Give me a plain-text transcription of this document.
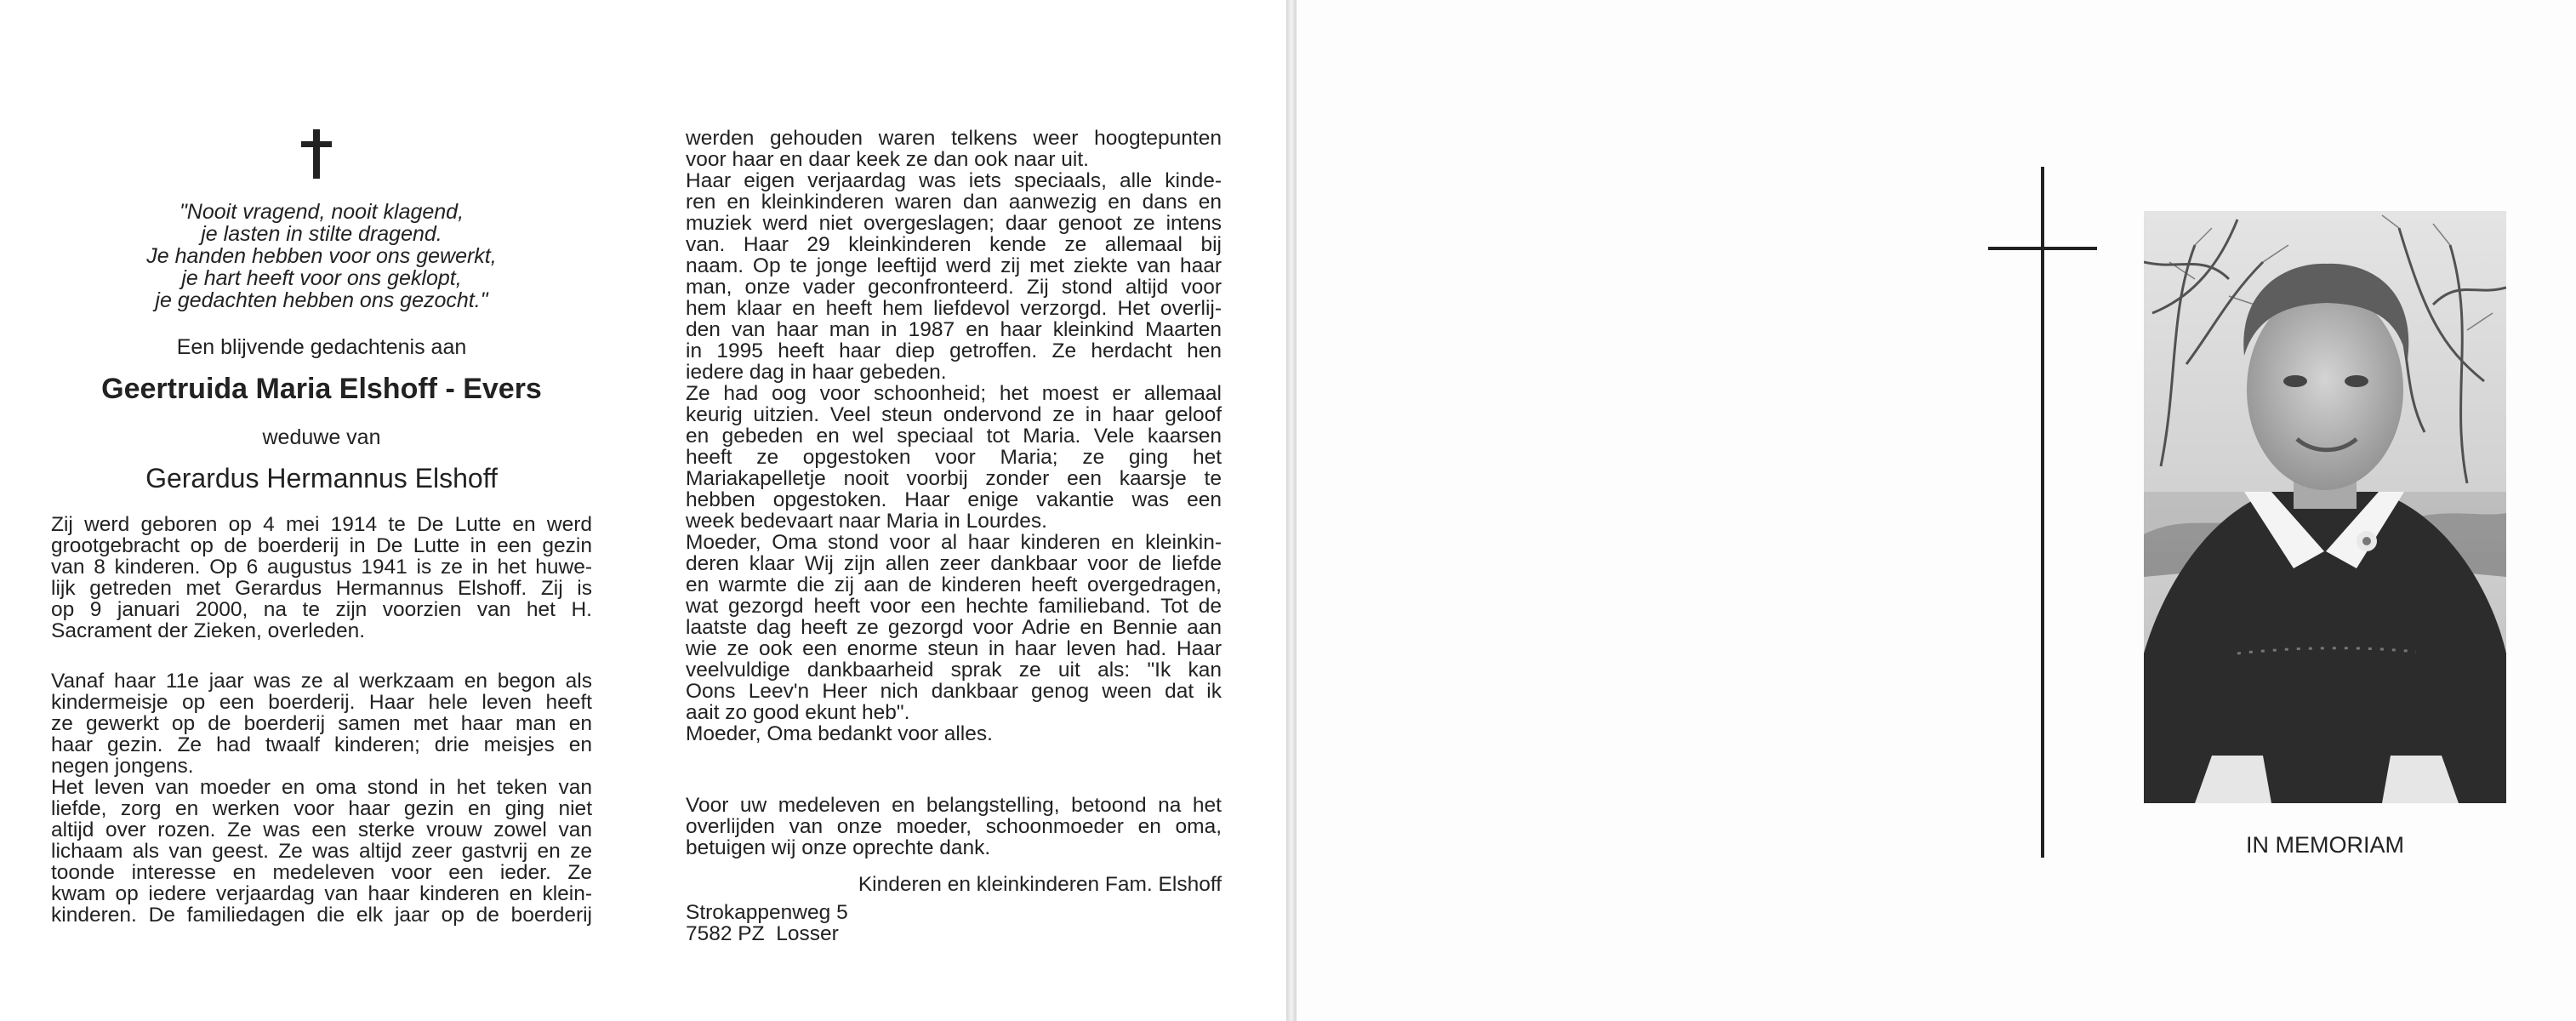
"Nooit vragend, nooit klagend,
je lasten in stilte dragend.
Je handen hebben voor ons gewerkt,
je hart heeft voor ons geklopt,
je gedachten hebben ons gezocht."
Een blijvende gedachtenis aan
Geertruida Maria Elshoff - Evers
weduwe van
Gerardus Hermannus Elshoff
Zij werd geboren op 4 mei 1914 te De Lutte en werd
grootgebracht op de boerderij in De Lutte in een gezin
van 8 kinderen. Op 6 augustus 1941 is ze in het huwe-
lijk getreden met Gerardus Hermannus Elshoff. Zij is
op 9 januari 2000, na te zijn voorzien van het H.
Sacrament der Zieken, overleden.
Vanaf haar 11e jaar was ze al werkzaam en begon als
kindermeisje op een boerderij. Haar hele leven heeft
ze gewerkt op de boerderij samen met haar man en
haar gezin. Ze had twaalf kinderen; drie meisjes en
negen jongens.
Het leven van moeder en oma stond in het teken van
liefde, zorg en werken voor haar gezin en ging niet
altijd over rozen. Ze was een sterke vrouw zowel van
lichaam als van geest. Ze was altijd zeer gastvrij en ze
toonde interesse en medeleven voor een ieder. Ze
kwam op iedere verjaardag van haar kinderen en klein-
kinderen. De familiedagen die elk jaar op de boerderij
werden gehouden waren telkens weer hoogtepunten
voor haar en daar keek ze dan ook naar uit.
Haar eigen verjaardag was iets speciaals, alle kinde-
ren en kleinkinderen waren dan aanwezig en dans en
muziek werd niet overgeslagen; daar genoot ze intens
van. Haar 29 kleinkinderen kende ze allemaal bij
naam. Op te jonge leeftijd werd zij met ziekte van haar
man, onze vader geconfronteerd. Zij stond altijd voor
hem klaar en heeft hem liefdevol verzorgd. Het overlij-
den van haar man in 1987 en haar kleinkind Maarten
in 1995 heeft haar diep getroffen. Ze herdacht hen
iedere dag in haar gebeden.
Ze had oog voor schoonheid; het moest er allemaal
keurig uitzien. Veel steun ondervond ze in haar geloof
en gebeden en wel speciaal tot Maria. Vele kaarsen
heeft ze opgestoken voor Maria; ze ging het
Mariakapelletje nooit voorbij zonder een kaarsje te
hebben opgestoken. Haar enige vakantie was een
week bedevaart naar Maria in Lourdes.
Moeder, Oma stond voor al haar kinderen en kleinkin-
deren klaar Wij zijn allen zeer dankbaar voor de liefde
en warmte die zij aan de kinderen heeft overgedragen,
wat gezorgd heeft voor een hechte familieband. Tot de
laatste dag heeft ze gezorgd voor Adrie en Bennie aan
wie ze ook een enorme steun in haar leven had. Haar
veelvuldige dankbaarheid sprak ze uit als: "Ik kan
Oons Leev'n Heer nich dankbaar genog ween dat ik
aait zo good ekunt heb".
Moeder, Oma bedankt voor alles.
Voor uw medeleven en belangstelling, betoond na het
overlijden van onze moeder, schoonmoeder en oma,
betuigen wij onze oprechte dank.
Kinderen en kleinkinderen Fam. Elshoff
Strokappenweg 5
7582 PZ  Losser
IN MEMORIAM
